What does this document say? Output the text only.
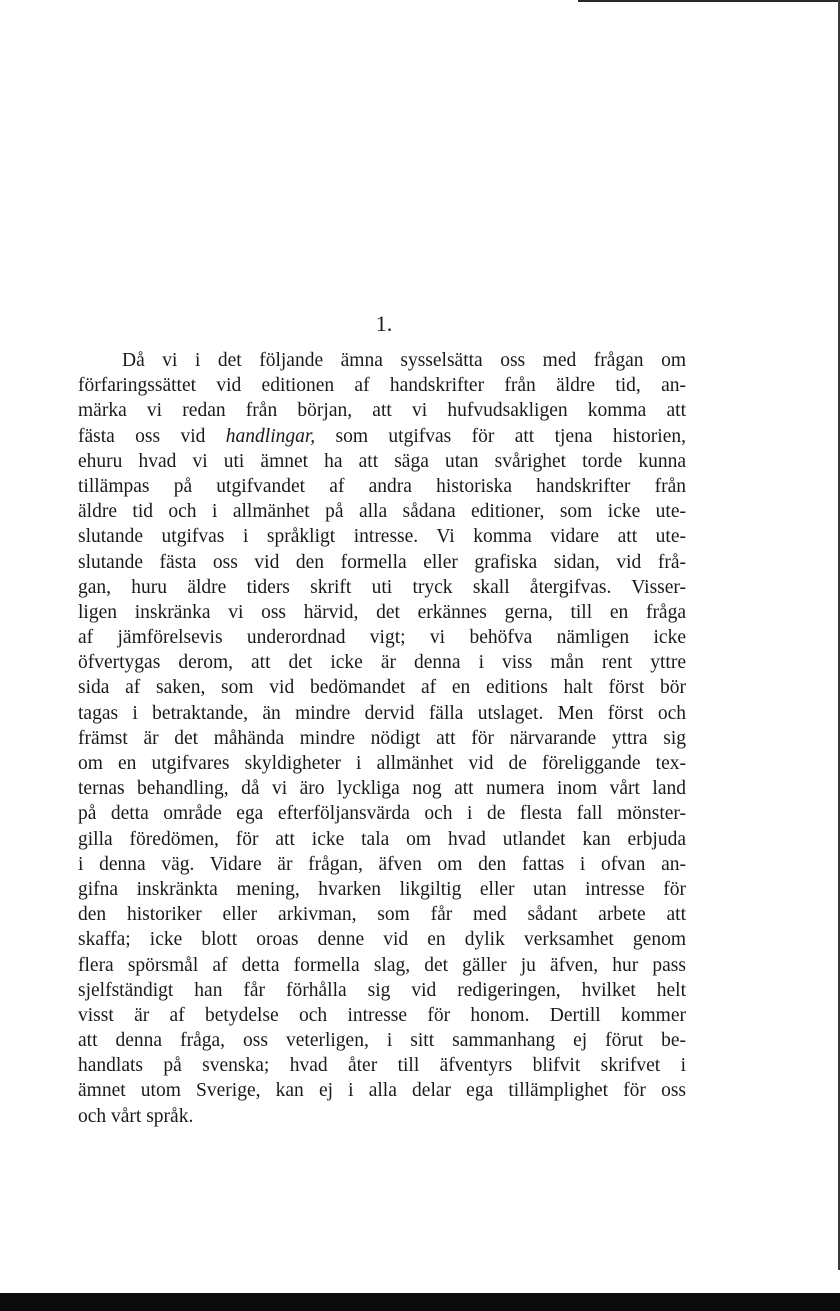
1.
Då vi i det följande ämna sysselsätta oss med frågan om
förfaringssättet vid editionen af handskrifter från äldre tid, an-
märka vi redan från början, att vi hufvudsakligen komma att
fästa oss vid handlingar, som utgifvas för att tjena historien,
ehuru hvad vi uti ämnet ha att säga utan svårighet torde kunna
tillämpas på utgifvandet af andra historiska handskrifter från
äldre tid och i allmänhet på alla sådana editioner, som icke ute-
slutande utgifvas i språkligt intresse. Vi komma vidare att ute-
slutande fästa oss vid den formella eller grafiska sidan, vid frå-
gan, huru äldre tiders skrift uti tryck skall återgifvas. Visser-
ligen inskränka vi oss härvid, det erkännes gerna, till en fråga
af jämförelsevis underordnad vigt; vi behöfva nämligen icke
öfvertygas derom, att det icke är denna i viss mån rent yttre
sida af saken, som vid bedömandet af en editions halt först bör
tagas i betraktande, än mindre dervid fälla utslaget. Men först och
främst är det måhända mindre nödigt att för närvarande yttra sig
om en utgifvares skyldigheter i allmänhet vid de föreliggande tex-
ternas behandling, då vi äro lyckliga nog att numera inom vårt land
på detta område ega efterföljansvärda och i de flesta fall mönster-
gilla föredömen, för att icke tala om hvad utlandet kan erbjuda
i denna väg. Vidare är frågan, äfven om den fattas i ofvan an-
gifna inskränkta mening, hvarken likgiltig eller utan intresse för
den historiker eller arkivman, som får med sådant arbete att
skaffa; icke blott oroas denne vid en dylik verksamhet genom
flera spörsmål af detta formella slag, det gäller ju äfven, hur pass
sjelfständigt han får förhålla sig vid redigeringen, hvilket helt
visst är af betydelse och intresse för honom. Dertill kommer
att denna fråga, oss veterligen, i sitt sammanhang ej förut be-
handlats på svenska; hvad åter till äfventyrs blifvit skrifvet i
ämnet utom Sverige, kan ej i alla delar ega tillämplighet för oss
och vårt språk.
